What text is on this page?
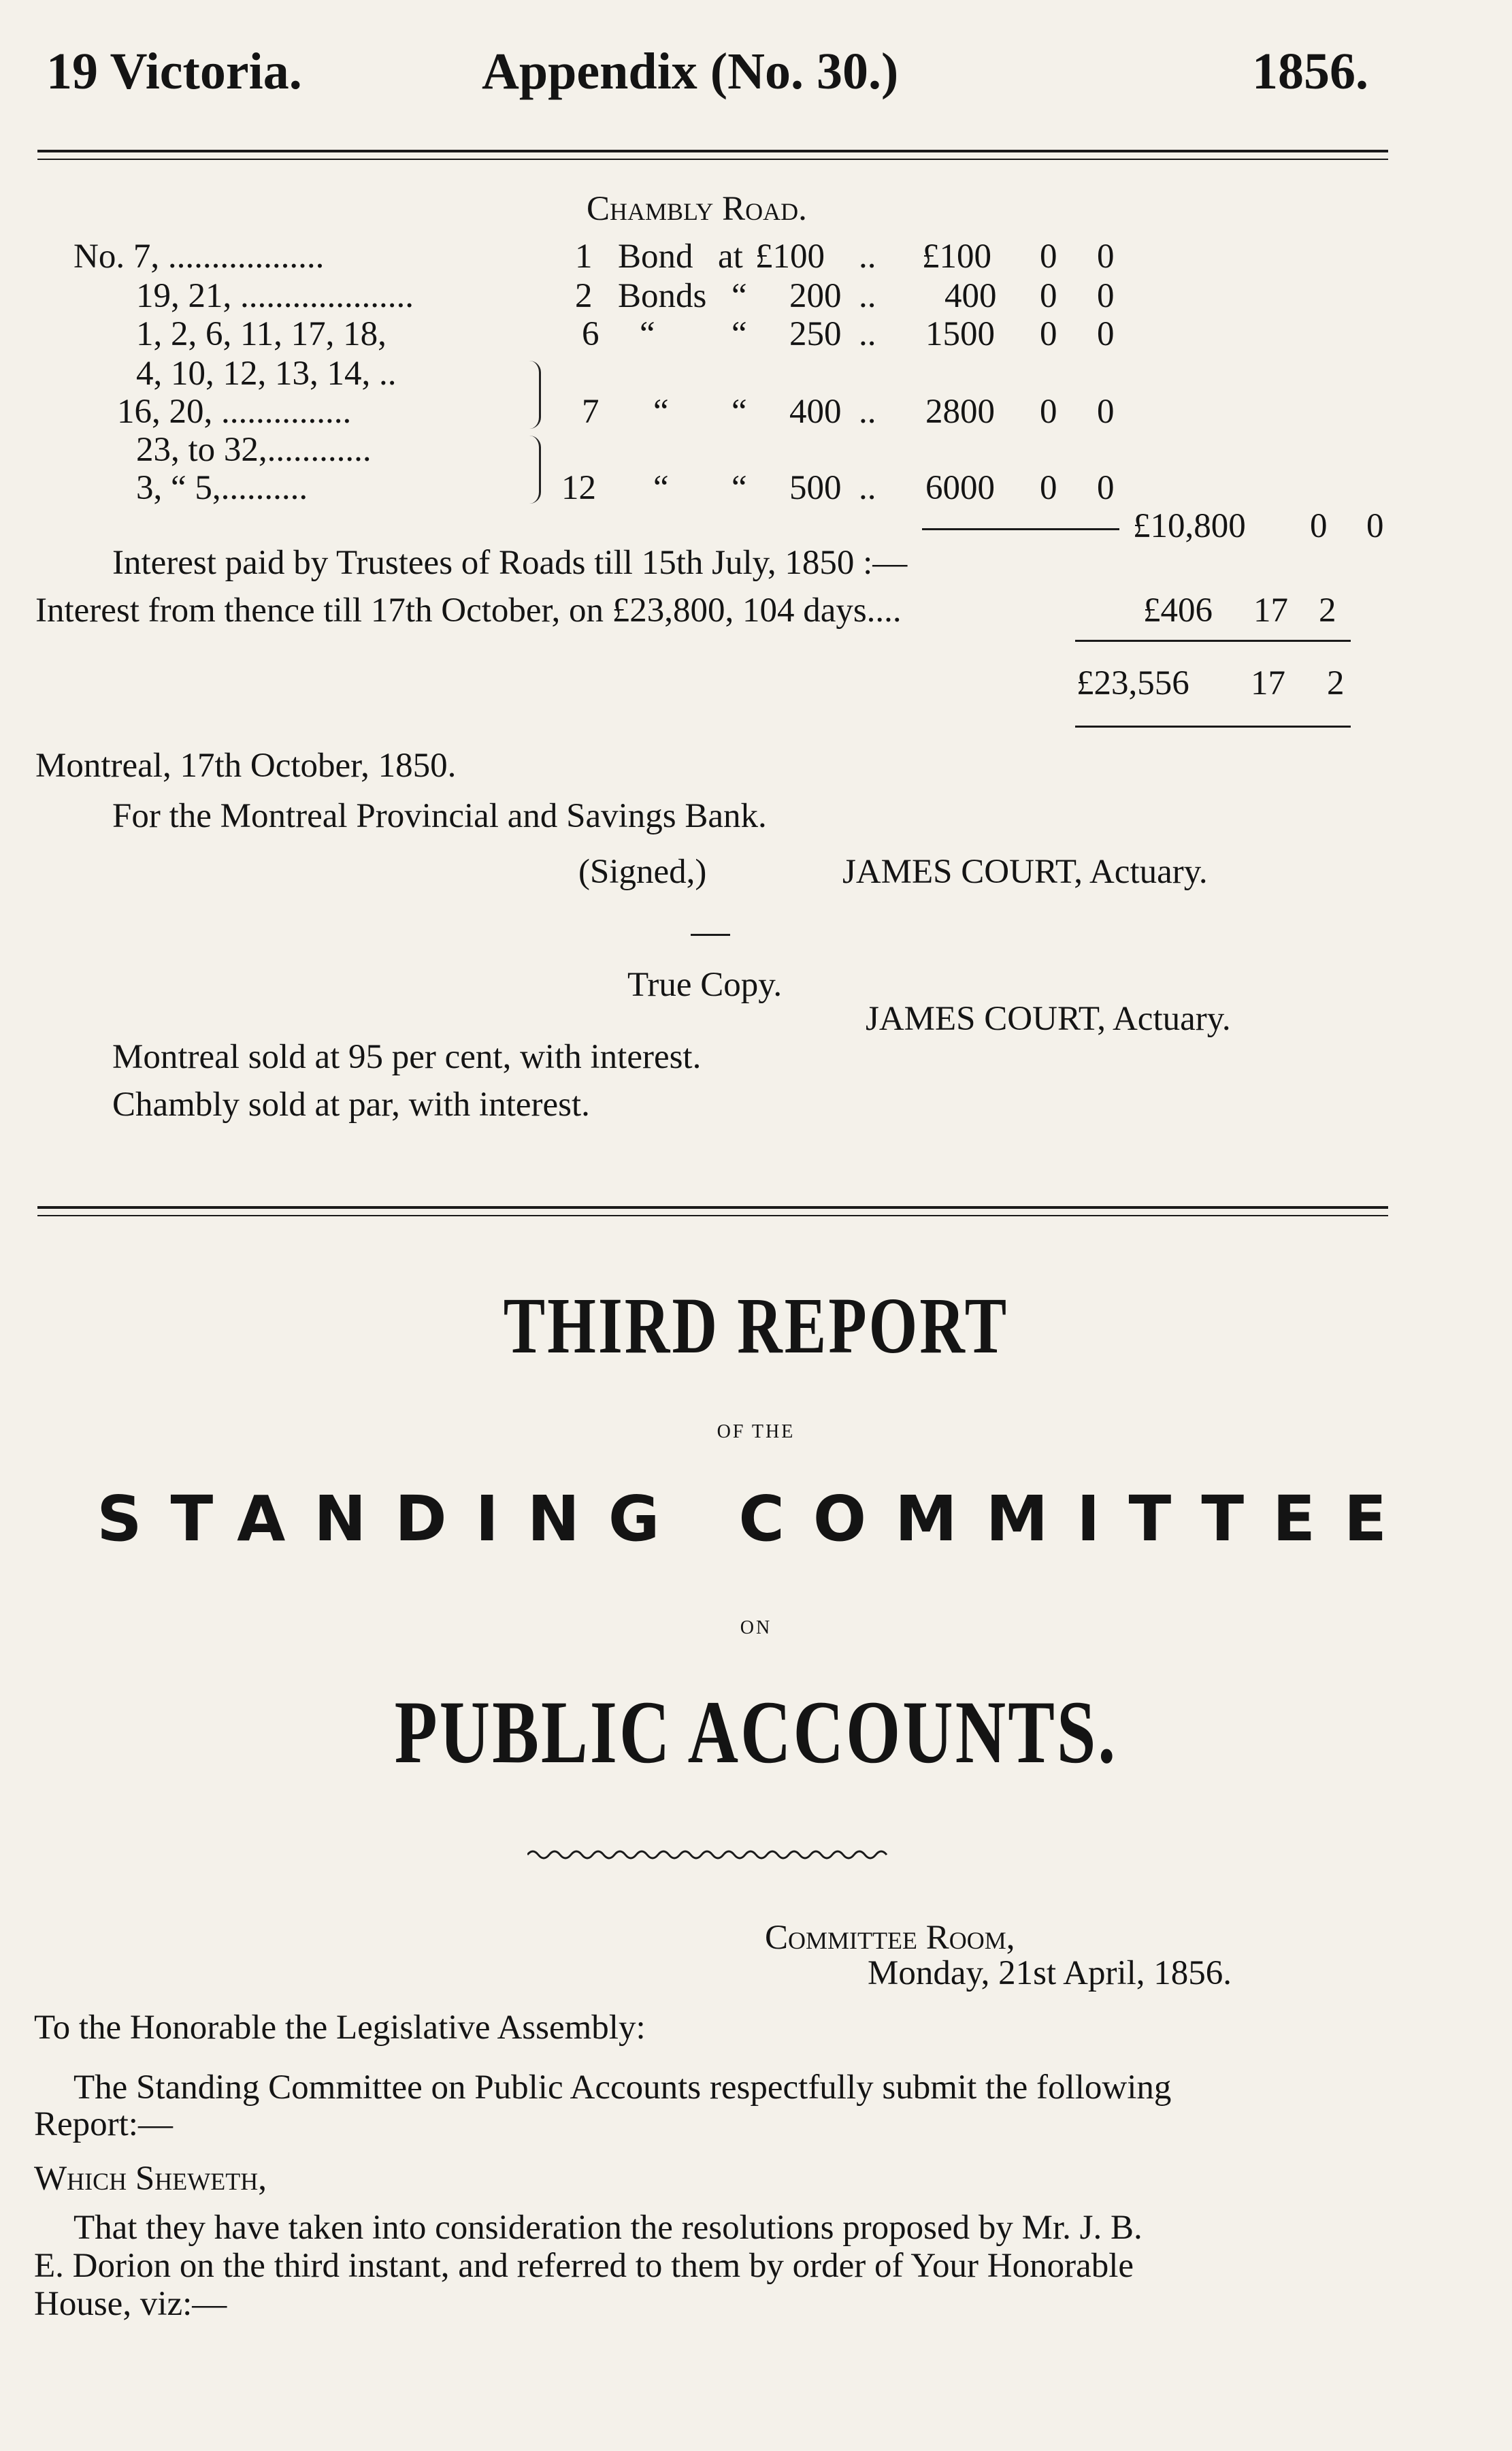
19 Victoria.	Appendix (No. 30.)	1856.
Chambly Road.
No. 7, ..................	1 Bond at £100 .. £100 0 0
19, 21, ....................	2 Bonds “ 200 .. 400 0 0
1, 2, 6, 11, 17, 18,	6 “ “ 250 .. 1500 0 0
4, 10, 12, 13, 14, ..
16, 20, ...............	7 “ “ 400 .. 2800 0 0
23, to 32,............
3, “ 5,..........	12 “ “ 500 .. 6000 0 0
£10,800 0 0
Interest paid by Trustees of Roads till 15th July, 1850 :—
Interest from thence till 17th October, on £23,800, 104 days....	£406 17 2
£23,556 17 2
Montreal, 17th October, 1850.
For the Montreal Provincial and Savings Bank.
(Signed,)	JAMES COURT, Actuary.
True Copy.
JAMES COURT, Actuary.
Montreal sold at 95 per cent, with interest.
Chambly sold at par, with interest.
THIRD REPORT
OF THE
STANDING COMMITTEE
ON
PUBLIC ACCOUNTS.
Committee Room,
Monday, 21st April, 1856.
To the Honorable the Legislative Assembly:
The Standing Committee on Public Accounts respectfully submit the following
Report:—
Which Sheweth,
That they have taken into consideration the resolutions proposed by Mr. J. B.
E. Dorion on the third instant, and referred to them by order of Your Honorable
House, viz:—
